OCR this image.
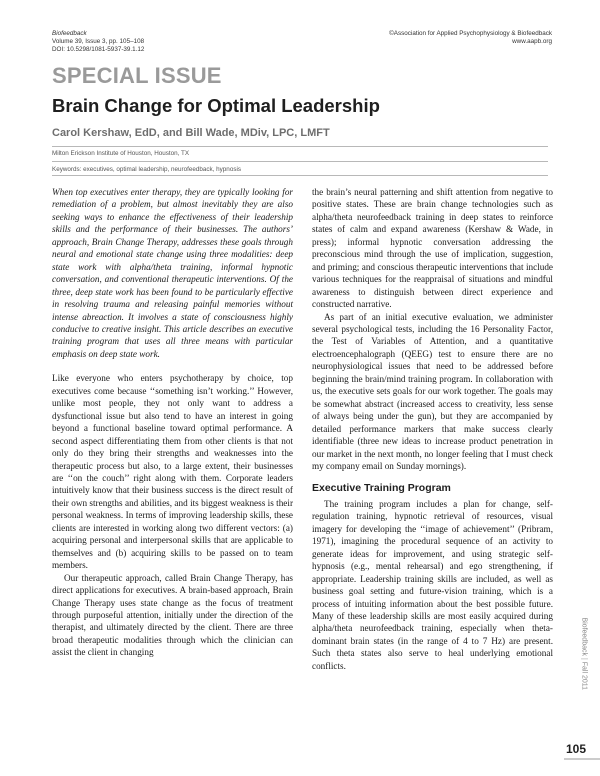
Biofeedback
Volume 39, Issue 3, pp. 105–108
DOI: 10.5298/1081-5937-39.1.12
©Association for Applied Psychophysiology & Biofeedback
www.aapb.org
SPECIAL ISSUE
Brain Change for Optimal Leadership
Carol Kershaw, EdD, and Bill Wade, MDiv, LPC, LMFT
Milton Erickson Institute of Houston, Houston, TX
Keywords: executives, optimal leadership, neurofeedback, hypnosis

When top executives enter therapy, they are typically looking for remediation of a problem, but almost inevitably they are also seeking ways to enhance the effectiveness of their leadership skills and the performance of their businesses. The authors’ approach, Brain Change Therapy, addresses these goals through neural and emotional state change using three modalities: deep state work with alpha/theta training, informal hypnotic conversation, and conventional therapeutic interventions. Of the three, deep state work has been found to be particularly effective in resolving trauma and releasing painful memories without intense abreaction. It involves a state of consciousness highly conducive to creative insight. This article describes an executive training program that uses all three means with particular emphasis on deep state work.

Like everyone who enters psychotherapy by choice, top executives come because ‘‘something isn’t working.’’ However, unlike most people, they not only want to address a dysfunctional issue but also tend to have an interest in going beyond a functional baseline toward optimal performance. A second aspect differentiating them from other clients is that not only do they bring their strengths and weaknesses into the therapeutic process but also, to a large extent, their businesses are ‘‘on the couch’’ right along with them. Corporate leaders intuitively know that their business success is the direct result of their own strengths and abilities, and its biggest weakness is their personal weakness. In terms of improving leadership skills, these clients are interested in working along two different vectors: (a) acquiring personal and interpersonal skills that are applicable to themselves and (b) acquiring skills to be passed on to team members.

Our therapeutic approach, called Brain Change Therapy, has direct applications for executives. A brain-based approach, Brain Change Therapy uses state change as the focus of treatment through purposeful attention, initially under the direction of the therapist, and ultimately directed by the client. There are three broad therapeutic modalities through which the clinician can assist the client in changing

the brain’s neural patterning and shift attention from negative to positive states. These are brain change technologies such as alpha/theta neurofeedback training in deep states to reinforce states of calm and expand awareness (Kershaw & Wade, in press); informal hypnotic conversation addressing the preconscious mind through the use of implication, suggestion, and priming; and conscious therapeutic interventions that include various techniques for the reappraisal of situations and mindful awareness to distinguish between direct experience and constructed narrative.

As part of an initial executive evaluation, we administer several psychological tests, including the 16 Personality Factor, the Test of Variables of Attention, and a quantitative electroencephalograph (QEEG) test to ensure there are no neurophysiological issues that need to be addressed before beginning the brain/mind training program. In collaboration with us, the executive sets goals for our work together. The goals may be somewhat abstract (increased access to creativity, less sense of always being under the gun), but they are accompanied by detailed performance markers that make success clearly identifiable (three new ideas to increase product penetration in our market in the next month, no longer feeling that I must check my company email on Sunday mornings).

Executive Training Program

The training program includes a plan for change, self-regulation training, hypnotic retrieval of resources, visual imagery for developing the ‘‘image of achievement’’ (Pribram, 1971), imagining the procedural sequence of an activity to generate ideas for improvement, and using strategic self-hypnosis (e.g., mental rehearsal) and ego strengthening, if appropriate. Leadership training skills are included, as well as business goal setting and future-vision training, which is a process of intuiting information about the best possible future. Many of these leadership skills are most easily acquired during alpha/theta neurofeedback training, especially when theta-dominant brain states (in the range of 4 to 7 Hz) are present. Such theta states also serve to heal underlying emotional conflicts.

Biofeedback | Fall 2011
105
